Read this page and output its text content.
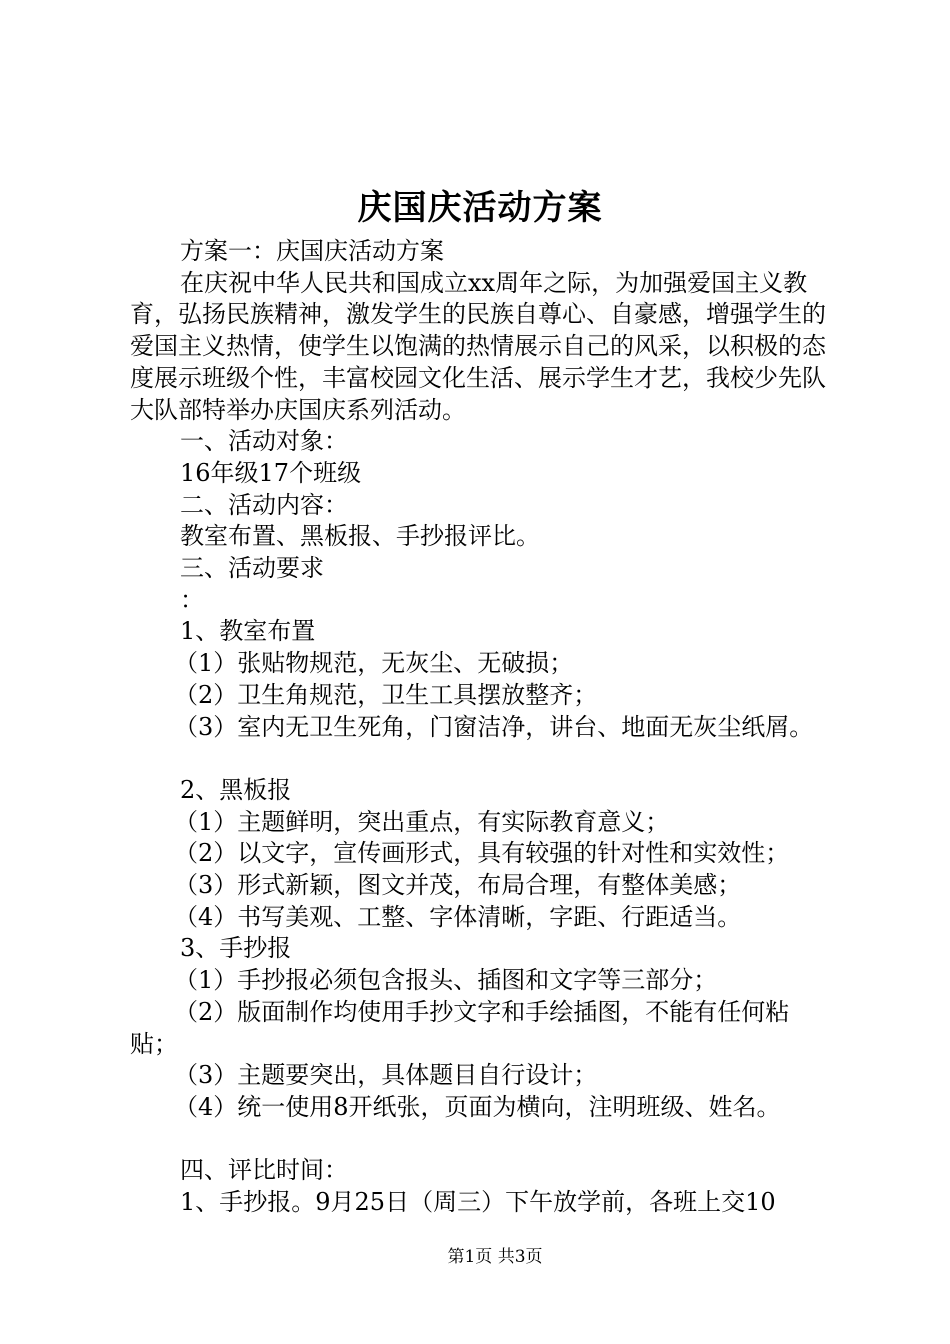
庆国庆活动方案

方案一：庆国庆活动方案

在庆祝中华人民共和国成立xx周年之际，为加强爱国主义教育，弘扬民族精神，激发学生的民族自尊心、自豪感，增强学生的爱国主义热情，使学生以饱满的热情展示自己的风采，以积极的态度展示班级个性，丰富校园文化生活、展示学生才艺，我校少先队大队部特举办庆国庆系列活动。

一、活动对象：

16年级17个班级

二、活动内容：

教室布置、黑板报、手抄报评比。

三、活动要求

：

1、教室布置

（1）张贴物规范，无灰尘、无破损；

（2）卫生角规范，卫生工具摆放整齐；

（3）室内无卫生死角，门窗洁净，讲台、地面无灰尘纸屑。

2、黑板报

（1）主题鲜明，突出重点，有实际教育意义；

（2）以文字，宣传画形式，具有较强的针对性和实效性；

（3）形式新颖，图文并茂，布局合理，有整体美感；

（4）书写美观、工整、字体清晰，字距、行距适当。

3、手抄报

（1）手抄报必须包含报头、插图和文字等三部分；

（2）版面制作均使用手抄文字和手绘插图，不能有任何粘贴；

（3）主题要突出，具体题目自行设计；

（4）统一使用8开纸张，页面为横向，注明班级、姓名。

四、评比时间：

1、手抄报。9月25日（周三）下午放学前，各班上交10

第1页 共3页
